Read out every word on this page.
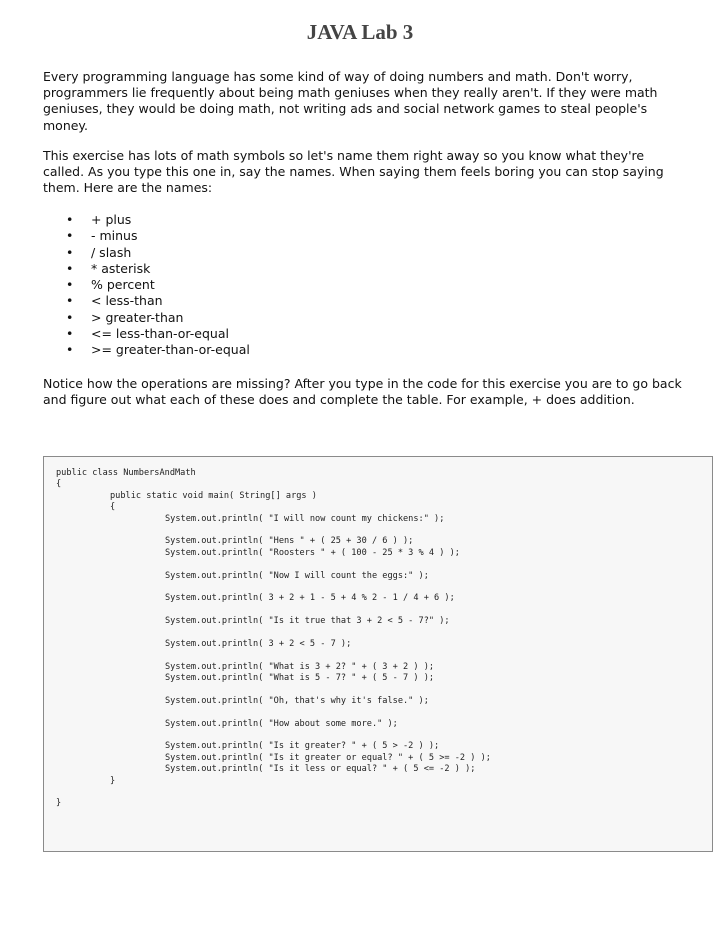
JAVA Lab 3

Every programming language has some kind of way of doing numbers and math. Don't worry, programmers lie frequently about being math geniuses when they really aren't. If they were math geniuses, they would be doing math, not writing ads and social network games to steal people's money.

This exercise has lots of math symbols so let's name them right away so you know what they're called. As you type this one in, say the names. When saying them feels boring you can stop saying them. Here are the names:

• + plus
• - minus
• / slash
• * asterisk
• % percent
• < less-than
• > greater-than
• <= less-than-or-equal
• >= greater-than-or-equal

Notice how the operations are missing? After you type in the code for this exercise you are to go back and figure out what each of these does and complete the table. For example, + does addition.

public class NumbersAndMath
{
public static void main( String[] args )
{
System.out.println( "I will now count my chickens:" );
System.out.println( "Hens " + ( 25 + 30 / 6 ) );
System.out.println( "Roosters " + ( 100 - 25 * 3 % 4 ) );
System.out.println( "Now I will count the eggs:" );
System.out.println( 3 + 2 + 1 - 5 + 4 % 2 - 1 / 4 + 6 );
System.out.println( "Is it true that 3 + 2 < 5 - 7?" );
System.out.println( 3 + 2 < 5 - 7 );
System.out.println( "What is 3 + 2? " + ( 3 + 2 ) );
System.out.println( "What is 5 - 7? " + ( 5 - 7 ) );
System.out.println( "Oh, that's why it's false." );
System.out.println( "How about some more." );
System.out.println( "Is it greater? " + ( 5 > -2 ) );
System.out.println( "Is it greater or equal? " + ( 5 >= -2 ) );
System.out.println( "Is it less or equal? " + ( 5 <= -2 ) );
}
}
